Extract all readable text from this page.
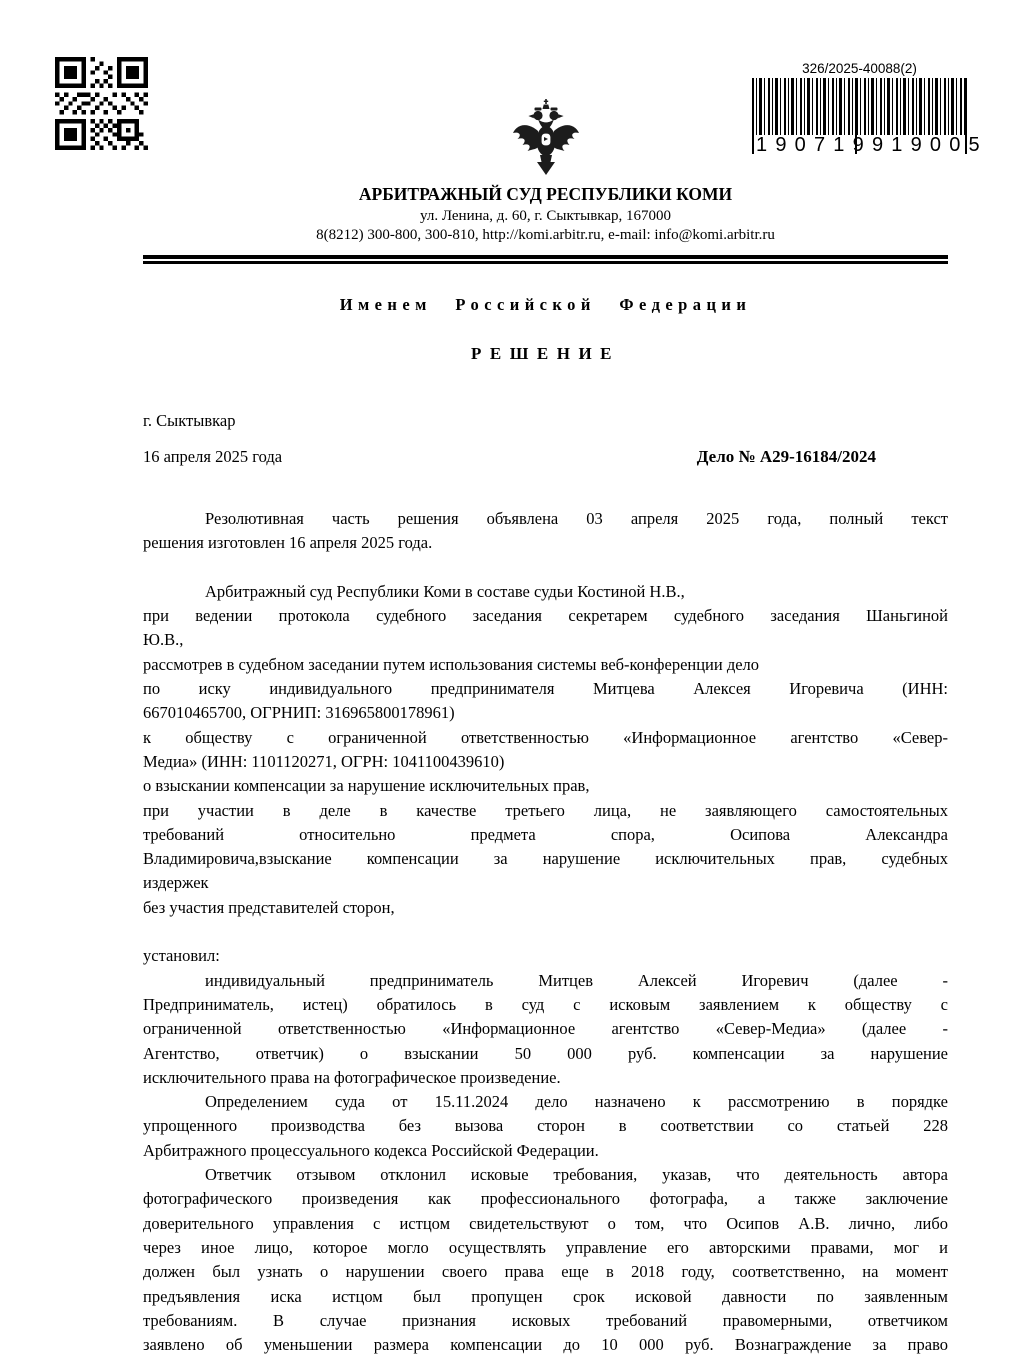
326/2025-40088(2)
190719919005
АРБИТРАЖНЫЙ СУД РЕСПУБЛИКИ КОМИ
ул. Ленина, д. 60, г. Сыктывкар, 167000
8(8212) 300-800, 300-810, http://komi.arbitr.ru, e-mail: info@komi.arbitr.ru
Именем Российской Федерации
РЕШЕНИЕ
г. Сыктывкар
16 апреля 2025 года	Дело № А29-16184/2024
Резолютивная часть решения объявлена 03 апреля 2025 года, полный текст
решения изготовлен 16 апреля 2025 года.

Арбитражный суд Республики Коми в составе судьи Костиной Н.В.,
при ведении протокола судебного заседания секретарем судебного заседания Шаньгиной
Ю.В.,
рассмотрев в судебном заседании путем использования системы веб-конференции дело
по иску индивидуального предпринимателя Митцева Алексея Игоревича (ИНН:
667010465700, ОГРНИП: 316965800178961)
к обществу с ограниченной ответственностью «Информационное агентство «Север-
Медиа» (ИНН: 1101120271, ОГРН: 1041100439610)
о взыскании компенсации за нарушение исключительных прав,
при участии в деле в качестве третьего лица, не заявляющего самостоятельных
требований относительно предмета спора, Осипова Александра
Владимировича,взыскание компенсации за нарушение исключительных прав, судебных
издержек
без участия представителей сторон,

установил:
индивидуальный предприниматель Митцев Алексей Игоревич (далее -
Предприниматель, истец) обратилось в суд с исковым заявлением к обществу с
ограниченной ответственностью «Информационное агентство «Север-Медиа» (далее -
Агентство, ответчик) о взыскании 50 000 руб. компенсации за нарушение
исключительного права на фотографическое произведение.
Определением суда от 15.11.2024 дело назначено к рассмотрению в порядке
упрощенного производства без вызова сторон в соответствии со статьей 228
Арбитражного процессуального кодекса Российской Федерации.
Ответчик отзывом отклонил исковые требования, указав, что деятельность автора
фотографического произведения как профессионального фотографа, а также заключение
доверительного управления с истцом свидетельствуют о том, что Осипов А.В. лично, либо
через иное лицо, которое могло осуществлять управление его авторскими правами, мог и
должен был узнать о нарушении своего права еще в 2018 году, соответственно, на момент
предъявления иска истцом был пропущен срок исковой давности по заявленным
требованиям. В случае признания исковых требований правомерными, ответчиком
заявлено об уменьшении размера компенсации до 10 000 руб. Вознаграждение за право
